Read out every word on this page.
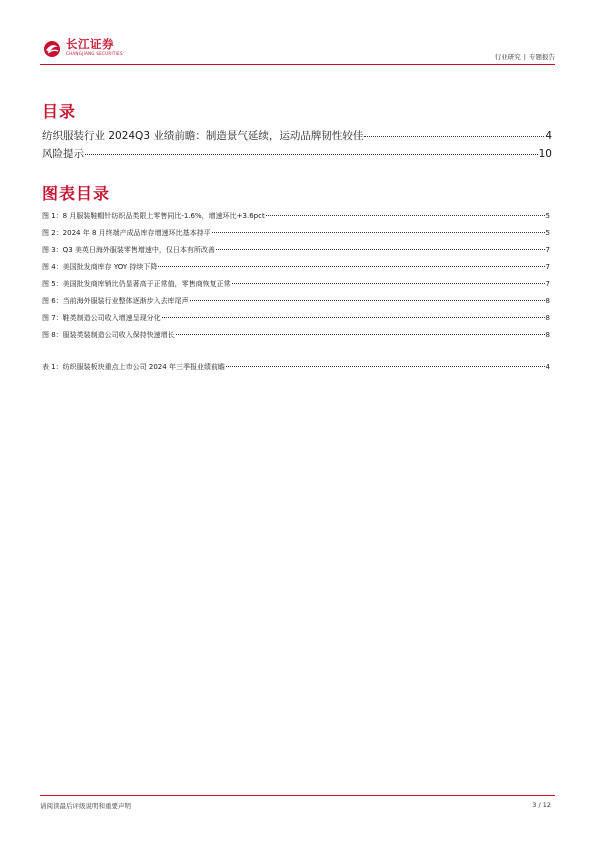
长江证券
CHANGJIANG SECURITIES	行业研究 | 专题报告
目录
纺织服装行业 2024Q3 业绩前瞻：制造景气延续，运动品牌韧性较佳	4
风险提示	10
图表目录
图 1：8 月服装鞋帽针纺织品类限上零售同比-1.6%，增速环比+3.6pct	5
图 2：2024 年 8 月终端产成品库存增速环比基本持平	5
图 3：Q3 美英日海外服装零售增速中，仅日本有所改善	7
图 4：美国批发商库存 YOY 持续下降	7
图 5：美国批发商库销比仍显著高于正常值，零售商恢复正常	7
图 6：当前海外服装行业整体逐渐步入去库尾声	8
图 7：鞋类制造公司收入增速呈现分化	8
图 8：服装类装制造公司收入保持快速增长	8
表 1：纺织服装板块重点上市公司 2024 年三季报业绩前瞻	4
请阅读最后评级说明和重要声明	3 / 12
